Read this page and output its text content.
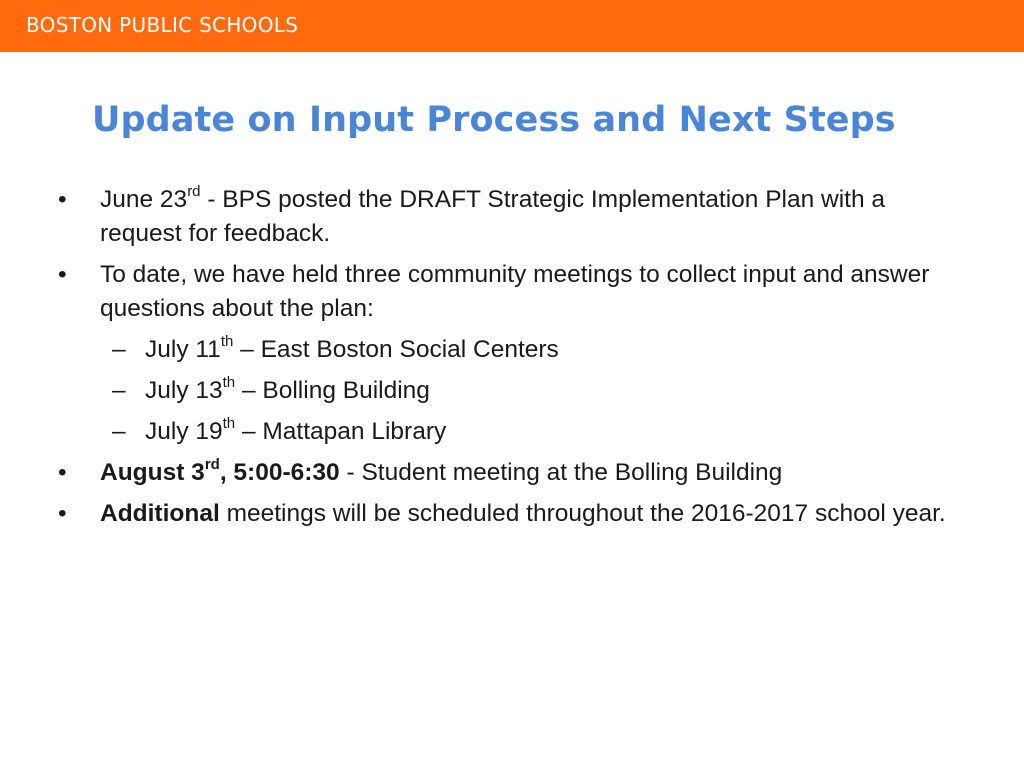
BOSTON PUBLIC SCHOOLS
Update on Input Process and Next Steps
• June 23rd - BPS posted the DRAFT Strategic Implementation Plan with a request for feedback.
• To date, we have held three community meetings to collect input and answer questions about the plan:
– July 11th – East Boston Social Centers
– July 13th – Bolling Building
– July 19th – Mattapan Library
• August 3rd, 5:00-6:30 - Student meeting at the Bolling Building
• Additional meetings will be scheduled throughout the 2016-2017 school year.
